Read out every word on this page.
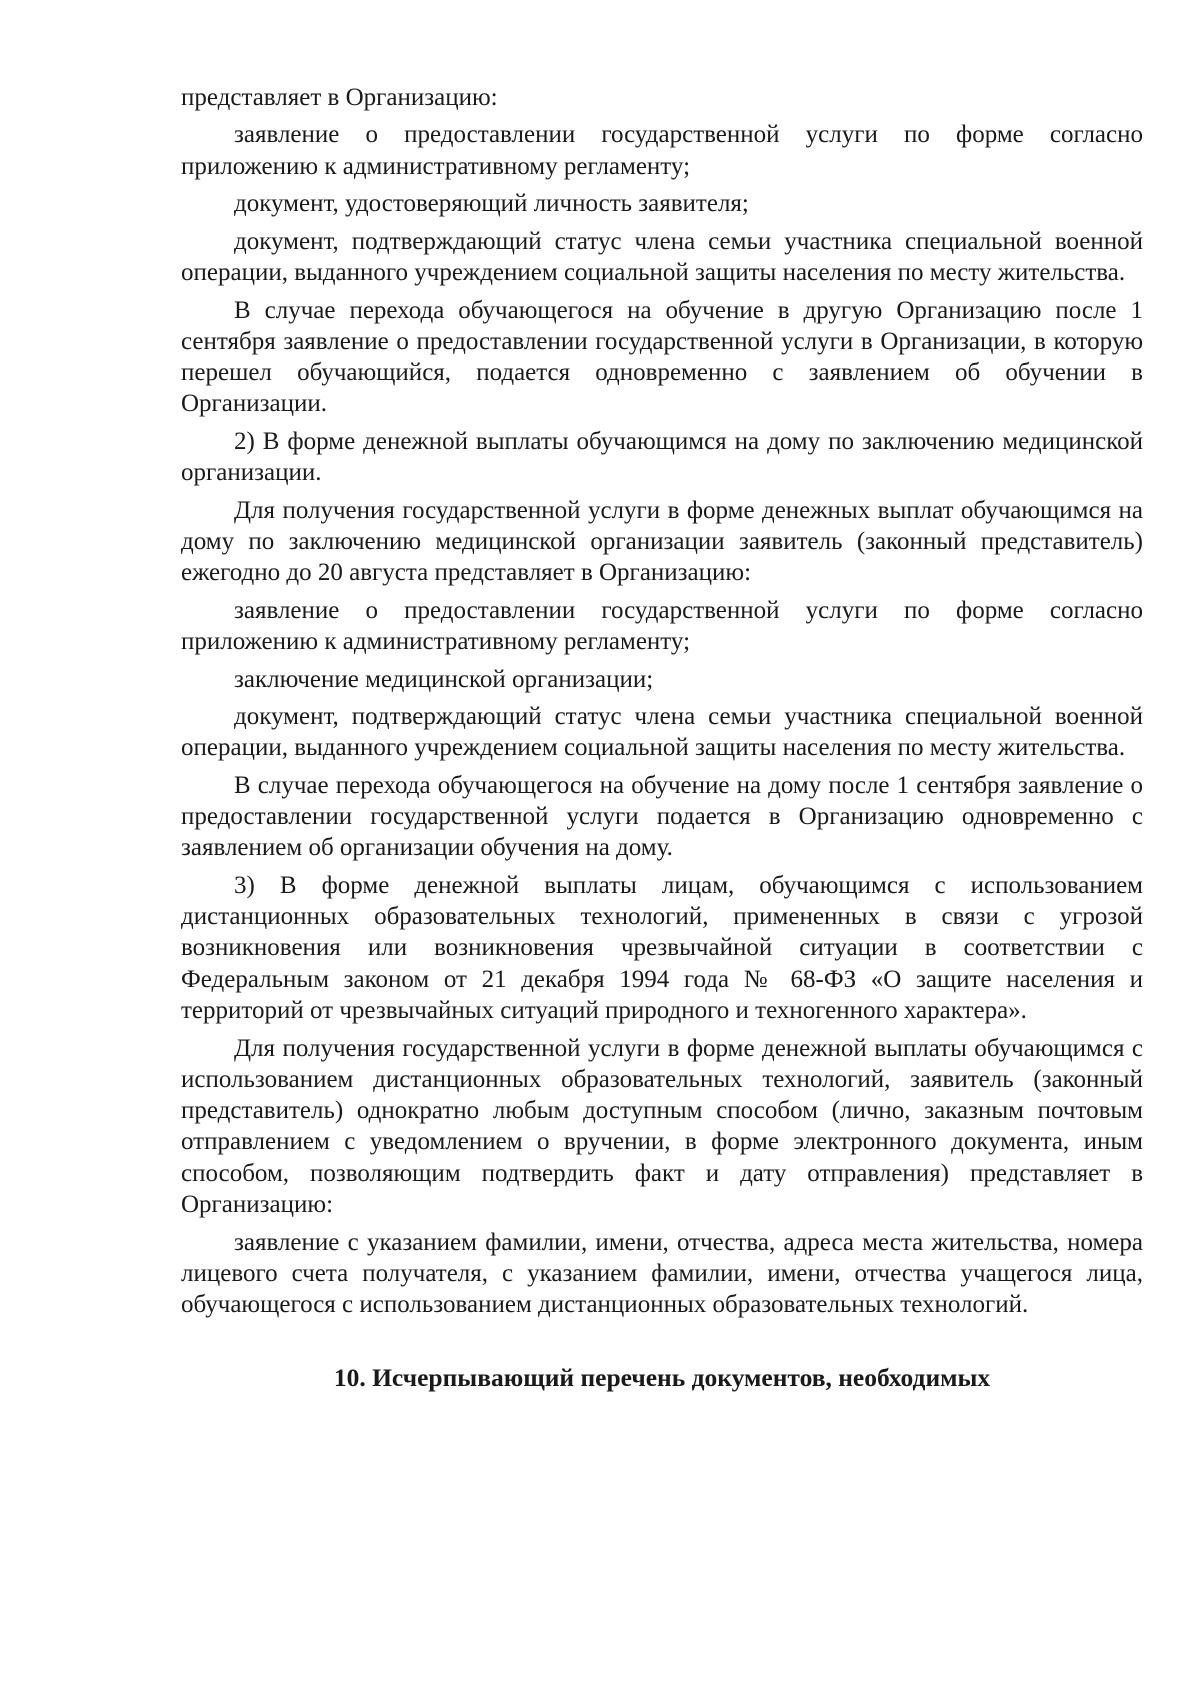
представляет в Организацию:

заявление о предоставлении государственной услуги по форме согласно приложению к административному регламенту;

документ, удостоверяющий личность заявителя;

документ, подтверждающий статус члена семьи участника специальной военной операции, выданного учреждением социальной защиты населения по месту жительства.

В случае перехода обучающегося на обучение в другую Организацию после 1 сентября заявление о предоставлении государственной услуги в Организации, в которую перешел обучающийся, подается одновременно с заявлением об обучении в Организации.

2) В форме денежной выплаты обучающимся на дому по заключению медицинской организации.

Для получения государственной услуги в форме денежных выплат обучающимся на дому по заключению медицинской организации заявитель (законный представитель) ежегодно до 20 августа представляет в Организацию:

заявление о предоставлении государственной услуги по форме согласно приложению к административному регламенту;

заключение медицинской организации;

документ, подтверждающий статус члена семьи участника специальной военной операции, выданного учреждением социальной защиты населения по месту жительства.

В случае перехода обучающегося на обучение на дому после 1 сентября заявление о предоставлении государственной услуги подается в Организацию одновременно с заявлением об организации обучения на дому.

3) В форме денежной выплаты лицам, обучающимся с использованием дистанционных образовательных технологий, примененных в связи с угрозой возникновения или возникновения чрезвычайной ситуации в соответствии с Федеральным законом от 21 декабря 1994 года № 68-ФЗ «О защите населения и территорий от чрезвычайных ситуаций природного и техногенного характера».

Для получения государственной услуги в форме денежной выплаты обучающимся с использованием дистанционных образовательных технологий, заявитель (законный представитель) однократно любым доступным способом (лично, заказным почтовым отправлением с уведомлением о вручении, в форме электронного документа, иным способом, позволяющим подтвердить факт и дату отправления) представляет в Организацию:

заявление с указанием фамилии, имени, отчества, адреса места жительства, номера лицевого счета получателя, с указанием фамилии, имени, отчества учащегося лица, обучающегося с использованием дистанционных образовательных технологий.

10. Исчерпывающий перечень документов, необходимых
